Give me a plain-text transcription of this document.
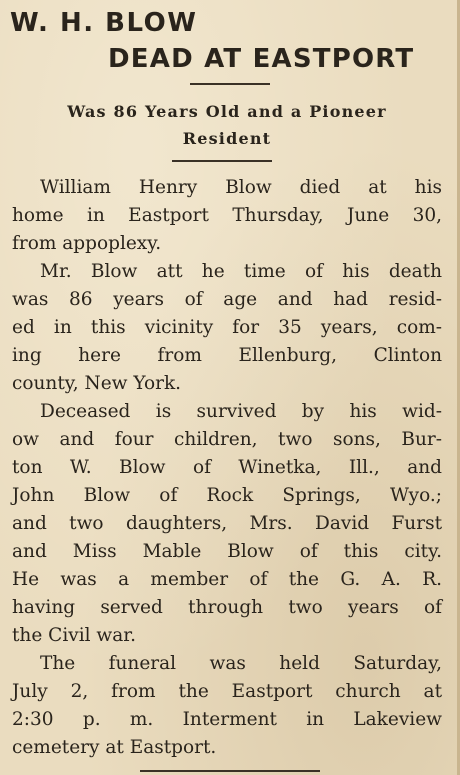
W. H. BLOW
DEAD AT EASTPORT
Was 86 Years Old and a Pioneer
Resident
William Henry Blow died at his
home in Eastport Thursday, June 30,
from appoplexy.
Mr. Blow att he time of his death
was 86 years of age and had resid-
ed in this vicinity for 35 years, com-
ing here from Ellenburg, Clinton
county, New York.
Deceased is survived by his wid-
ow and four children, two sons, Bur-
ton W. Blow of Winetka, Ill., and
John Blow of Rock Springs, Wyo.;
and two daughters, Mrs. David Furst
and Miss Mable Blow of this city.
He was a member of the G. A. R.
having served through two years of
the Civil war.
The funeral was held Saturday,
July 2, from the Eastport church at
2:30 p. m. Interment in Lakeview
cemetery at Eastport.
